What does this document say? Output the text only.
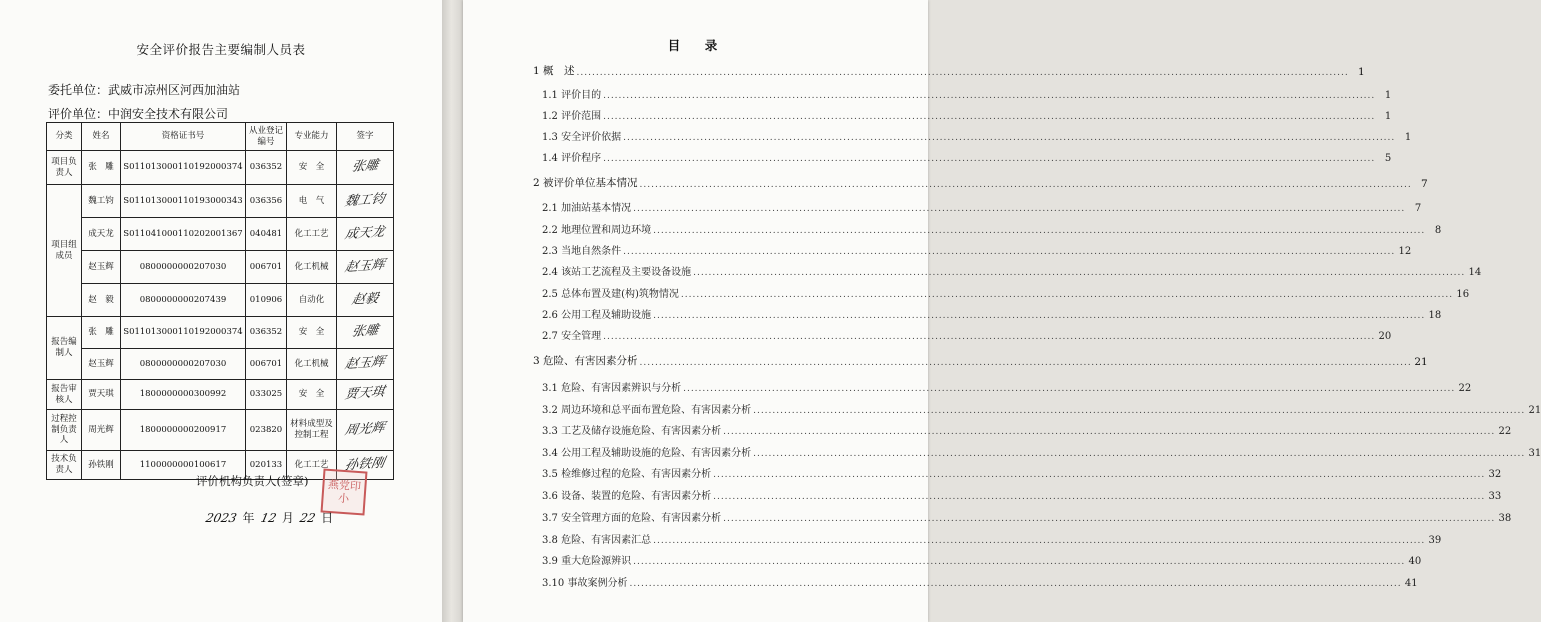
安全评价报告主要编制人员表
委托单位：武威市凉州区河西加油站
评价单位：中润安全技术有限公司
分类	姓名	资格证书号	从业登记编号	专业能力	签字
项目负责人	张　雕	S011013000110192000374	036352	安　全	张雕
项目组成员	魏工钧	S011013000110193000343	036356	电　气	魏工钧
	成天龙	S011041000110202001367	040481	化工工艺	成天龙
	赵玉辉	0800000000207030	006701	化工机械	赵玉辉
	赵　毅	0800000000207439	010906	自动化	赵毅
报告编制人	张　雕	S011013000110192000374	036352	安　全	张雕
	赵玉辉	0800000000207030	006701	化工机械	赵玉辉
报告审核人	贾天琪	1800000000300992	033025	安　全	贾天琪
过程控制负责人	周光辉	1800000000200917	023820	材料成型及控制工程	周光辉
技术负责人	孙铁刚	1100000000100617	020133	化工工艺	孙铁刚
评价机构负责人(签章)	燕党印小
2023 年 12 月 22 日
目　录
1 概　述 ........................................................................................................................................................................................................ 1
1.1 评价目的 ........................................................................................................................................................................................................ 1
1.2 评价范围 ........................................................................................................................................................................................................ 1
1.3 安全评价依据 ........................................................................................................................................................................................................ 1
1.4 评价程序 ........................................................................................................................................................................................................ 5
2 被评价单位基本情况 ........................................................................................................................................................................................................ 7
2.1 加油站基本情况 ........................................................................................................................................................................................................ 7
2.2 地理位置和周边环境 ........................................................................................................................................................................................................ 8
2.3 当地自然条件 ........................................................................................................................................................................................................ 12
2.4 该站工艺流程及主要设备设施 ........................................................................................................................................................................................................ 14
2.5 总体布置及建(构)筑物情况 ........................................................................................................................................................................................................ 16
2.6 公用工程及辅助设施 ........................................................................................................................................................................................................ 18
2.7 安全管理 ........................................................................................................................................................................................................ 20
3 危险、有害因素分析 ........................................................................................................................................................................................................ 21
3.1 危险、有害因素辨识与分析 ........................................................................................................................................................................................................ 22
3.2 周边环境和总平面布置危险、有害因素分析 ........................................................................................................................................................................................................ 21
3.3 工艺及储存设施危险、有害因素分析 ........................................................................................................................................................................................................ 22
3.4 公用工程及辅助设施的危险、有害因素分析 ........................................................................................................................................................................................................ 31
3.5 检维修过程的危险、有害因素分析 ........................................................................................................................................................................................................ 32
3.6 设备、装置的危险、有害因素分析 ........................................................................................................................................................................................................ 33
3.7 安全管理方面的危险、有害因素分析 ........................................................................................................................................................................................................ 38
3.8 危险、有害因素汇总 ........................................................................................................................................................................................................ 39
3.9 重大危险源辨识 ........................................................................................................................................................................................................ 40
3.10 事故案例分析 ........................................................................................................................................................................................................ 41
